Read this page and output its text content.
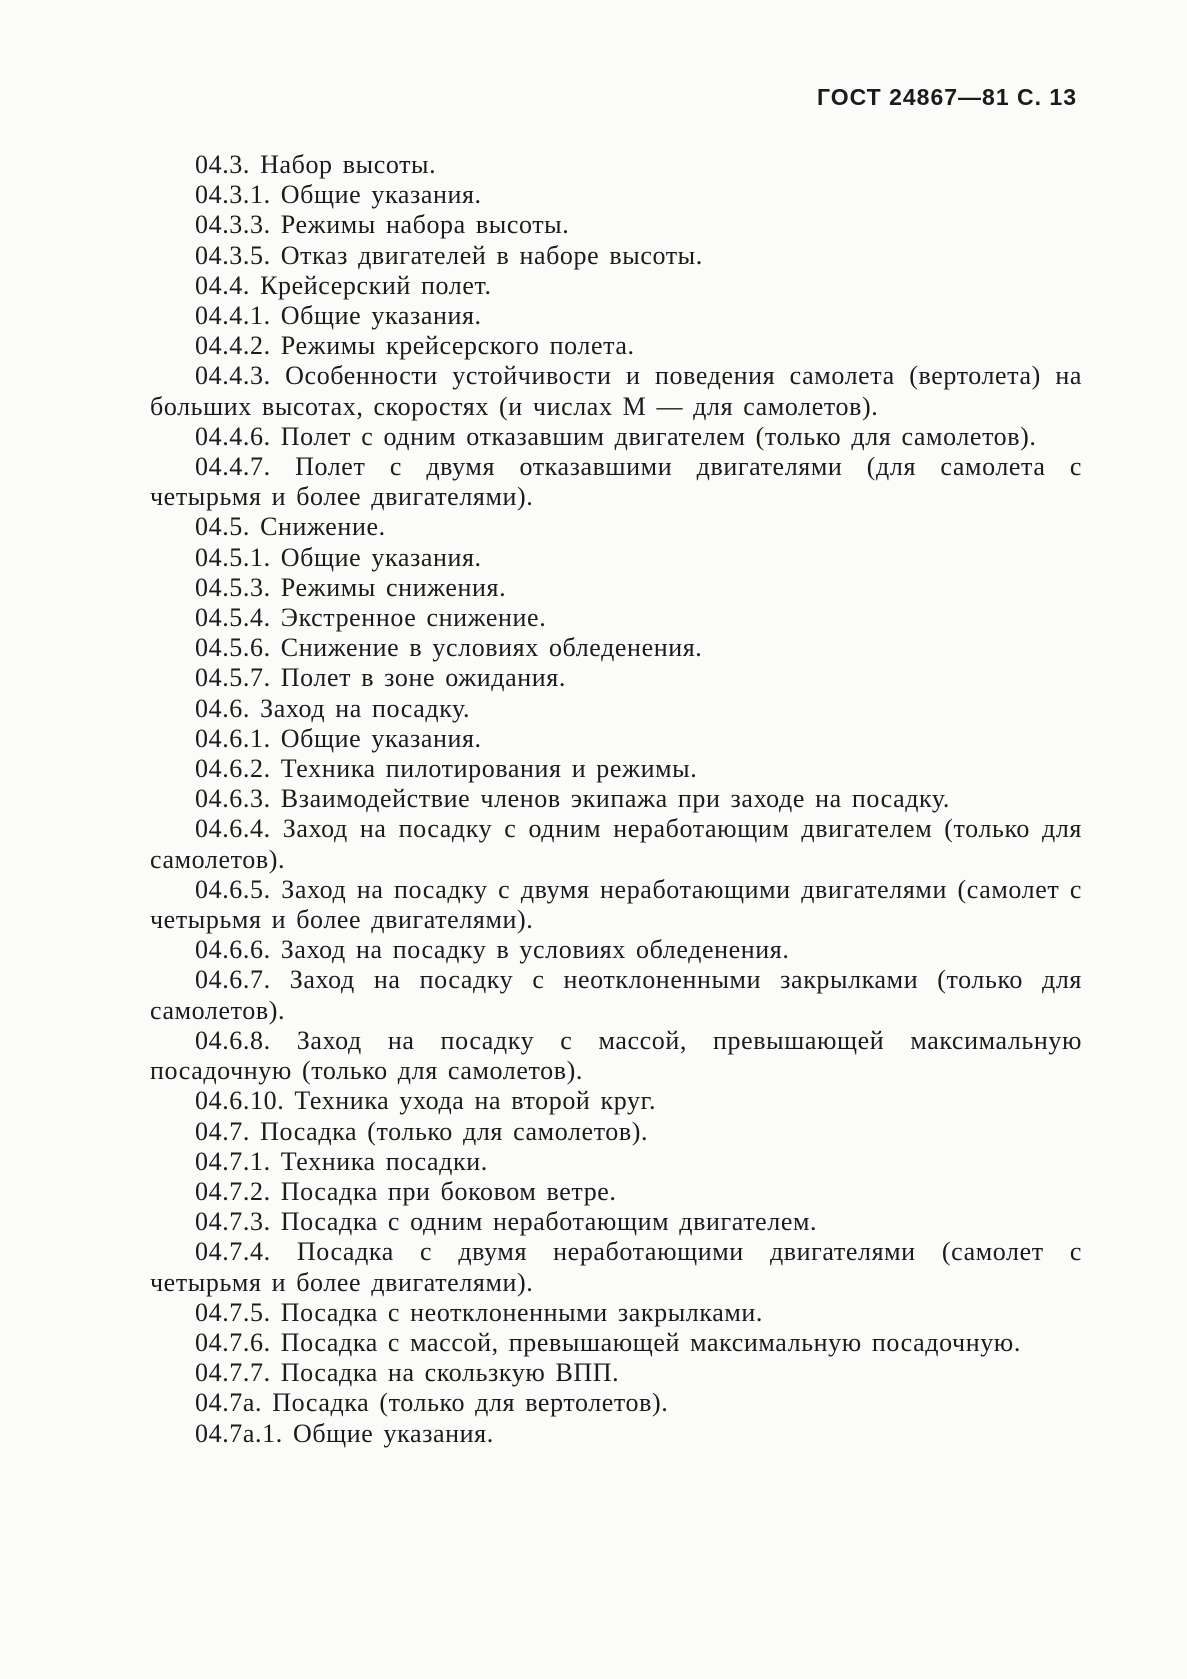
ГОСТ 24867—81 С. 13
04.3. Набор высоты.
04.3.1. Общие указания.
04.3.3. Режимы набора высоты.
04.3.5. Отказ двигателей в наборе высоты.
04.4. Крейсерский полет.
04.4.1. Общие указания.
04.4.2. Режимы крейсерского полета.
04.4.3. Особенности устойчивости и поведения самолета (вертолета) на больших высотах, скоростях (и числах М — для самолетов).
04.4.6. Полет с одним отказавшим двигателем (только для самолетов).
04.4.7. Полет с двумя отказавшими двигателями (для самолета с четырьмя и более двигателями).
04.5. Снижение.
04.5.1. Общие указания.
04.5.3. Режимы снижения.
04.5.4. Экстренное снижение.
04.5.6. Снижение в условиях обледенения.
04.5.7. Полет в зоне ожидания.
04.6. Заход на посадку.
04.6.1. Общие указания.
04.6.2. Техника пилотирования и режимы.
04.6.3. Взаимодействие членов экипажа при заходе на посадку.
04.6.4. Заход на посадку с одним неработающим двигателем (только для самолетов).
04.6.5. Заход на посадку с двумя неработающими двигателями (самолет с четырьмя и более двигателями).
04.6.6. Заход на посадку в условиях обледенения.
04.6.7. Заход на посадку с неотклонeнными закрылками (только для самолетов).
04.6.8. Заход на посадку с массой, превышающей максимальную посадочную (только для самолетов).
04.6.10. Техника ухода на второй круг.
04.7. Посадка (только для самолетов).
04.7.1. Техника посадки.
04.7.2. Посадка при боковом ветре.
04.7.3. Посадка с одним неработающим двигателем.
04.7.4. Посадка с двумя неработающими двигателями (самолет с четырьмя и более двигателями).
04.7.5. Посадка с неотклоненными закрылками.
04.7.6. Посадка с массой, превышающей максимальную посадочную.
04.7.7. Посадка на скользкую ВПП.
04.7а. Посадка (только для вертолетов).
04.7а.1. Общие указания.
